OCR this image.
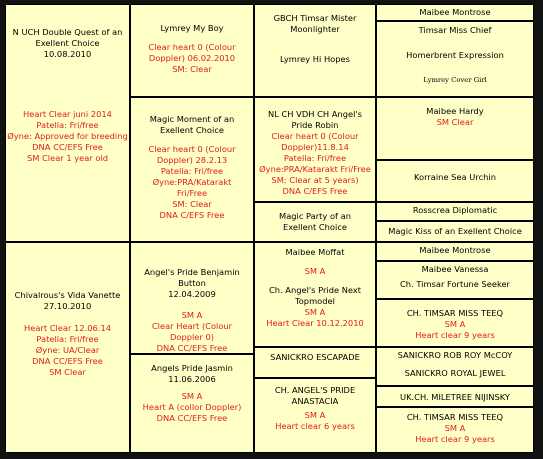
N UCH Double Quest of an Exellent Choice
10.08.2010
Heart Clear juni 2014
Patella: Fri/free
Øyne: Approved for breeding
DNA CC/EFS Free
SM Clear 1 year old
Chivalrous's Vida Vanette
27.10.2010
Heart Clear 12.06.14
Patella: Fri/free
Øyne: UA/Clear
DNA CC/EFS Free
SM Clear
Lymrey My Boy
Clear heart 0 (Colour Doppler) 06.02.2010
SM: Clear
Magic Moment of an Exellent Choice
Clear heart 0 (Colour Doppler) 28.2.13
Patella: Fri/free
Øyne:PRA/Katarakt Fri/Free
SM: Clear
DNA C/EFS Free
Angel's Pride Benjamin Button
12.04.2009
SM A
Clear Heart (Colour Doppler 0)
DNA CC/EFS Free
Angels Pride Jasmin
11.06.2006
SM A
Heart A (collor Doppler)
DNA CC/EFS Free
GBCH Timsar Mister Moonlighter
Lymrey Hi Hopes
NL CH VDH CH Angel's Pride Robin
Clear heart 0 (Colour Doppler)11.8.14
Patella: Fri/free
Øyne:PRA/Katarakt Fri/Free
SM: Clear at 5 years)
DNA C/EFS Free
Magic Party of an Exellent Choice
Maibee Moffat
SM A
Ch. Angel's Pride Next Topmodel
SM A
Heart Clear 10.12.2010
SANICKRO ESCAPADE
CH. ANGEL'S PRIDE ANASTACIA
SM A
Heart clear 6 years
Maibee Montrose
Timsar Miss Chief
Homerbrent Expression
Lymrey Cover Girl
Maibee Hardy
SM Clear
Korraine Sea Urchin
Rosscrea Diplomatic
Magic Kiss of an Exellent Choice
Maibee Montrose
Maibee Vanessa
Ch. Timsar Fortune Seeker
CH. TIMSAR MISS TEEQ
SM A
Heart clear 9 years
SANICKRO ROB ROY McCOY
SANICKRO ROYAL JEWEL
UK.CH. MILETREE NIJINSKY
CH. TIMSAR MISS TEEQ
SM A
Heart clear 9 years
